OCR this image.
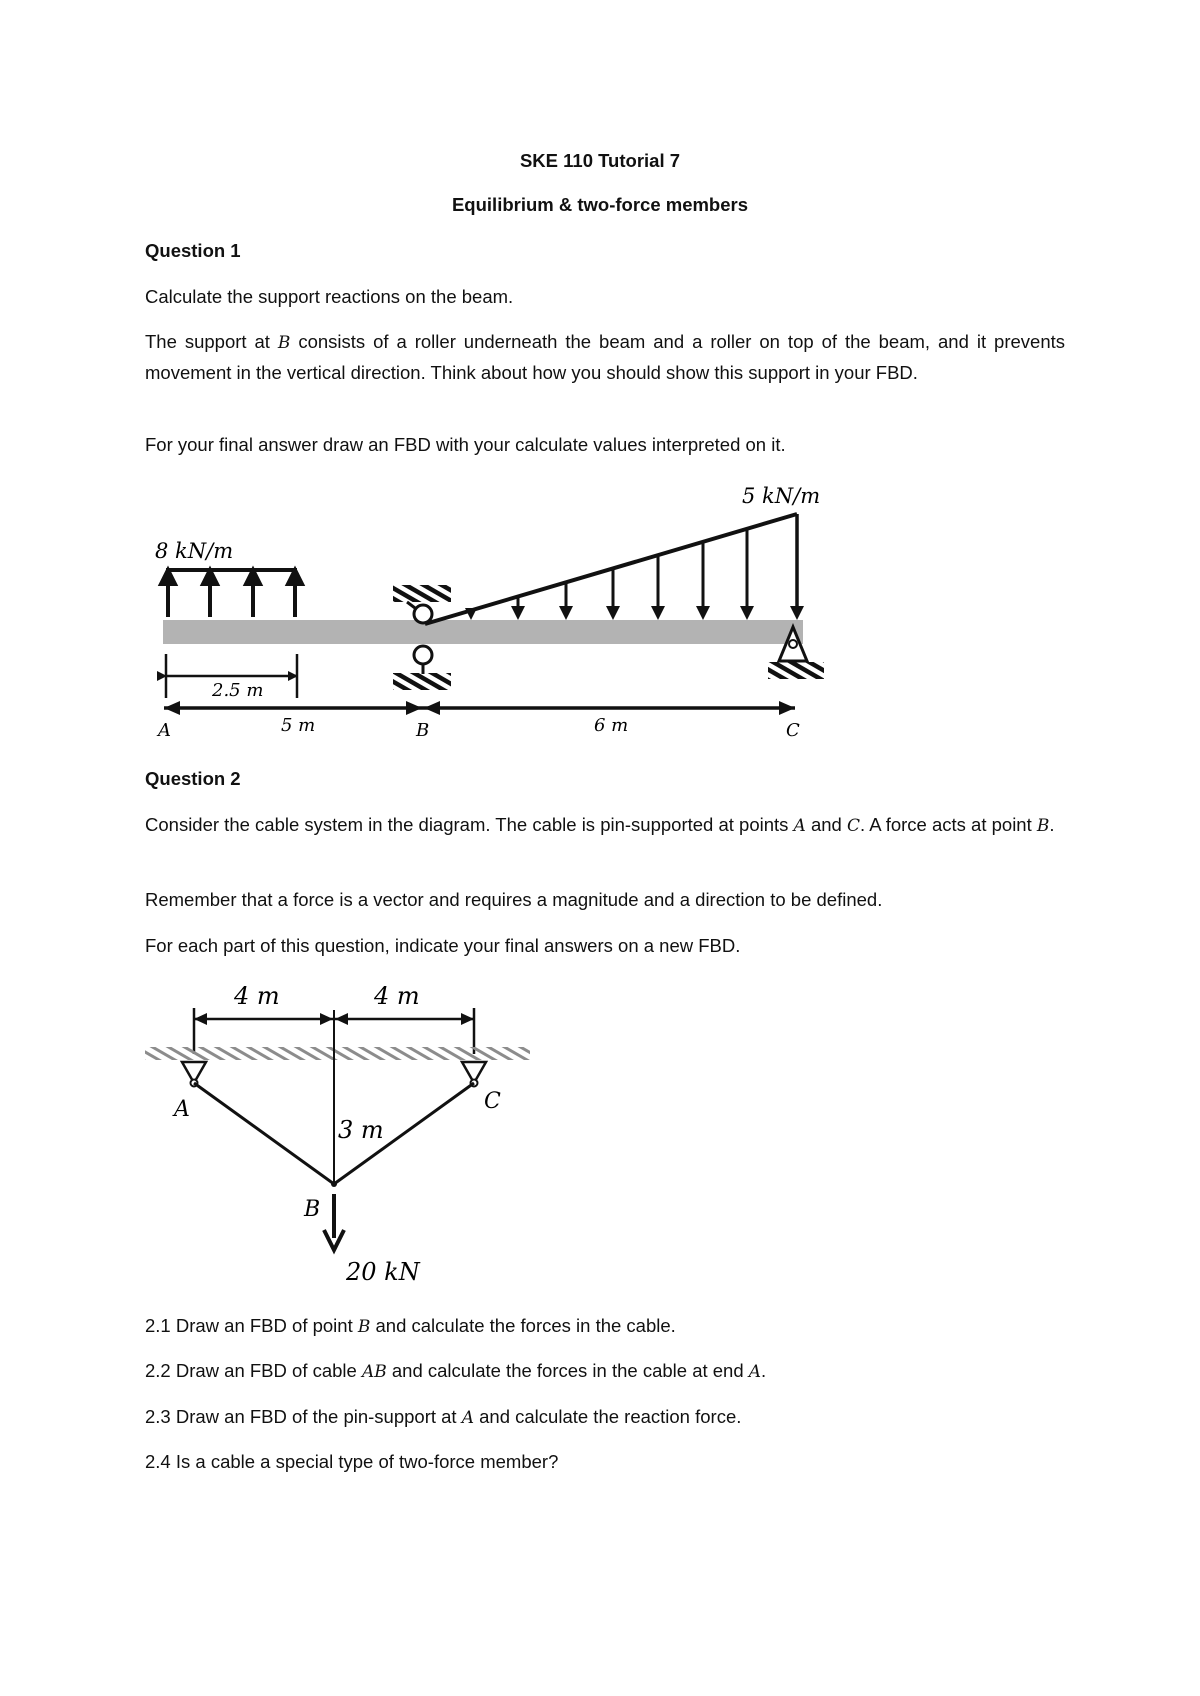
SKE 110 Tutorial 7

Equilibrium & two-force members

Question 1

Calculate the support reactions on the beam.

The support at B consists of a roller underneath the beam and a roller on top of the beam, and it prevents movement in the vertical direction. Think about how you should show this support in your FBD.

For your final answer draw an FBD with your calculate values interpreted on it.

8 kN/m
5 kN/m
2.5 m
5 m	6 m
A	B	C

Question 2

Consider the cable system in the diagram. The cable is pin-supported at points A and C. A force acts at point B.

Remember that a force is a vector and requires a magnitude and a direction to be defined.

For each part of this question, indicate your final answers on a new FBD.

4 m	4 m
3 m
20 kN
A
B
C

2.1 Draw an FBD of point B and calculate the forces in the cable.

2.2 Draw an FBD of cable AB and calculate the forces in the cable at end A.

2.3 Draw an FBD of the pin-support at A and calculate the reaction force.

2.4 Is a cable a special type of two-force member?
